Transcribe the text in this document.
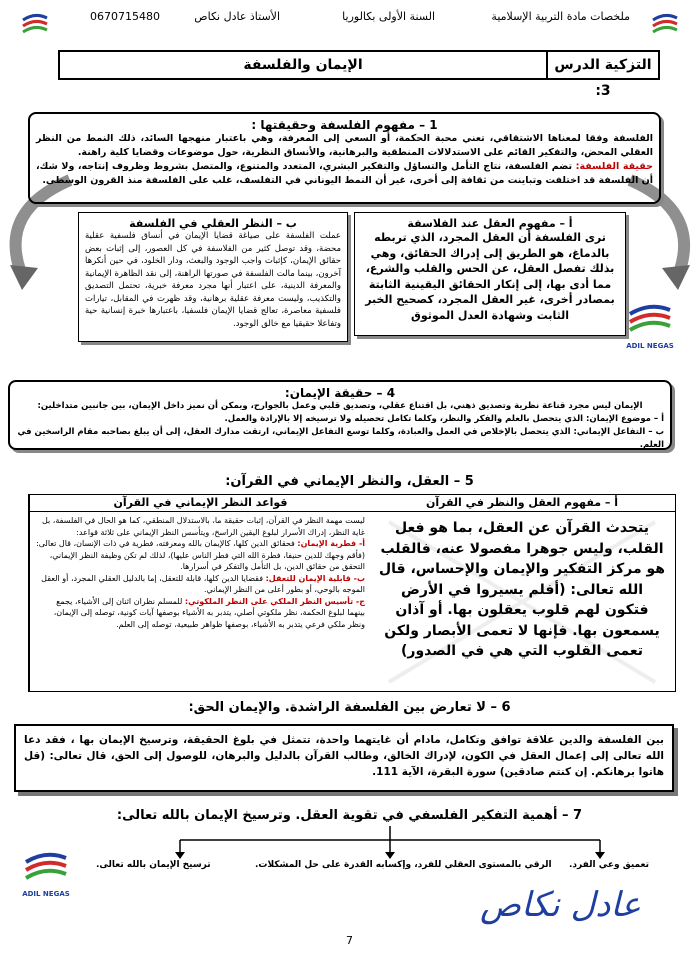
ملخصات مادة التربية الإسلامية
السنة الأولى بكالوريا
الأستاذ عادل نكاص
0670715480
التزكية الدرس 3:
الإيمان والفلسفة
1 – مفهوم الفلسفة وحقيقتها :

الفلسفة وفقا لمعناها الاشتقاقي، تعني محبة الحكمة، أو السعي إلى المعرفة، وهي باعتبار منهجها السائد، ذلك النمط من النظر العقلي المحض، والتفكير القائم على الاستدلالات المنطقية والبرهانية، والأنساق النظرية، حول موضوعات وقضايا كلية راهنة.

حقيقة الفلسفة: تضم الفلسفة، نتاج التأمل والتساؤل والتفكير البشري، المتعدد والمتنوع، والمتصل بشروط وظروف إنتاجه، ولا شك، أن الفلسفة قد اختلفت وتباينت من ثقافة إلى أخرى، غير أن النمط اليوناني في التفلسف، غلب على الفلسفة منذ القرون الوسطى.

أ – مفهوم العقل عند الفلاسفة

ترى الفلسفة أن العقل المجرد، الذي تربطه بالدماغ، هو الطريق إلى إدراك الحقائق، وهي بذلك تفصل العقل، عن الحس والقلب والشرع، مما أدى بها، إلى إنكار الحقائق اليقينية الثابتة بمصادر أخرى، غير العقل المجرد، كصحيح الخبر الثابت وشهادة العدل الموثوق

ب – النظر العقلي في الفلسفة

عملت الفلسفة على صياغة قضايا الإيمان في أنساق فلسفية عقلية محضة، وقد توصل كثير من الفلاسفة في كل العصور، إلى إثبات بعض حقائق الإيمان، كإثبات واجب الوجود والبعث، ودار الخلود، في حين أنكرها آخرون، بينما مالت الفلسفة في صورتها الراهنة، إلى نقد الظاهرة الإيمانية والمعرفة الدينية، على اعتبار أنها مجرد معرفة خبرية، تحتمل التصديق والتكذيب، وليست معرفة عقلية برهانية، وقد ظهرت في المقابل، تيارات فلسفية معاصرة، تعالج قضايا الإيمان فلسفيا، باعتبارها خبرة إنسانية حية وتفاعلا حقيقيا مع خالق الوجود.

ADIL NEGAS
4 – حقيقة الإيمان:

الإيمان ليس مجرد قناعة نظرية وتصديق ذهني، بل اقتناع عقلي، وتصديق قلبي وعمل بالجوارح، ويمكن أن نميز داخل الإيمان، بين جانبين متداخلين:

أ – موضوع الإيمان: الذي يتحصل بالعلم والفكر والنظر، وكلما تكامل تحصيله ولا ترسيخه إلا بالإرادة والعمل.

ب – التفاعل الإيماني: الذي يتحصل بالإخلاص في العمل والعبادة، وكلما توسع التفاعل الإيماني، ارتقت مدارك العقل، إلى أن يبلغ بصاحبه مقام الراسخين في العلم.

5 – العقل، والنظر الإيماني في القرآن:
أ – مفهوم العقل والنظر في القرآن

يتحدث القرآن عن العقل، بما هو فعل القلب، وليس جوهرا مفصولا عنه، فالقلب هو مركز التفكير والإيمان والإحساس، قال الله تعالى: (أفلم يسيروا في الأرض فتكون لهم قلوب يعقلون بها. أو آذان يسمعون بها. فإنها لا تعمى الأبصار ولكن تعمى القلوب التي هي في الصدور)

قواعد النظر الإيماني في القرآن

ليست مهمة النظر في القرآن، إثبات حقيقة ما، بالاستدلال المنطقي، كما هو الحال في الفلسفة، بل غاية النظر، إدراك الأسرار لبلوغ اليقين الراسخ، ويتأسس النظر الإيماني على ثلاثة قواعد:

أ- فطرية الإيمان: فحقائق الدين كلها، كالإيمان بالله ومعرفته، فطرية في ذات الإنسان، قال تعالى: (فأقم وجهك للدين حنيفا، فطرة الله التي فطر الناس عليها)، لذلك لم تكن وظيفة النظر الإيماني، التحقق من حقائق الدين، بل التأمل والتفكر في أسرارها.

ب- قابلية الإيمان للتعقل: فقضايا الدين كلها، قابلة للتعقل، إما بالدليل العقلي المجرد، أو العقل الموجه بالوحي، أو بطور أعلى من النظر الإيماني.

ج- تأسيس النظر الملكي على النظر الملكوتي: للمسلم نظران اثنان إلى الأشياء، يجمع بينهما لبلوغ الحكمة، نظر ملكوتي أصلي، يتدبر به الأشياء بوصفها آيات كونية، توصله إلى الإيمان، ونظر ملكي فرعي يتدبر به الأشياء، بوصفها ظواهر طبيعية، توصله إلى العلم.

6 – لا تعارض بين الفلسفة الراشدة. والإيمان الحق:

بين الفلسفة والدين علاقة توافق وتكامل، مادام أن غايتهما واحدة، تتمثل في بلوغ الحقيقة، وترسيخ الإيمان بها ، فقد دعا الله تعالى إلى إعمال العقل في الكون، لإدراك الخالق، وطالب القرآن بالدليل والبرهان، للوصول إلى الحق، قال تعالى: (قل هاتوا برهانكم. إن كنتم صادقين) سورة البقرة، الآية 111.

7 – أهمية التفكير الفلسفي في تقوية العقل. وترسيخ الإيمان بالله تعالى:
تعميق وعي الفرد.
الرقي بالمستوى العقلي للفرد، وإكسابه القدرة على حل المشكلات.
ترسيخ الإيمان بالله تعالى.
ADIL NEGAS	عادل نكاص
7
